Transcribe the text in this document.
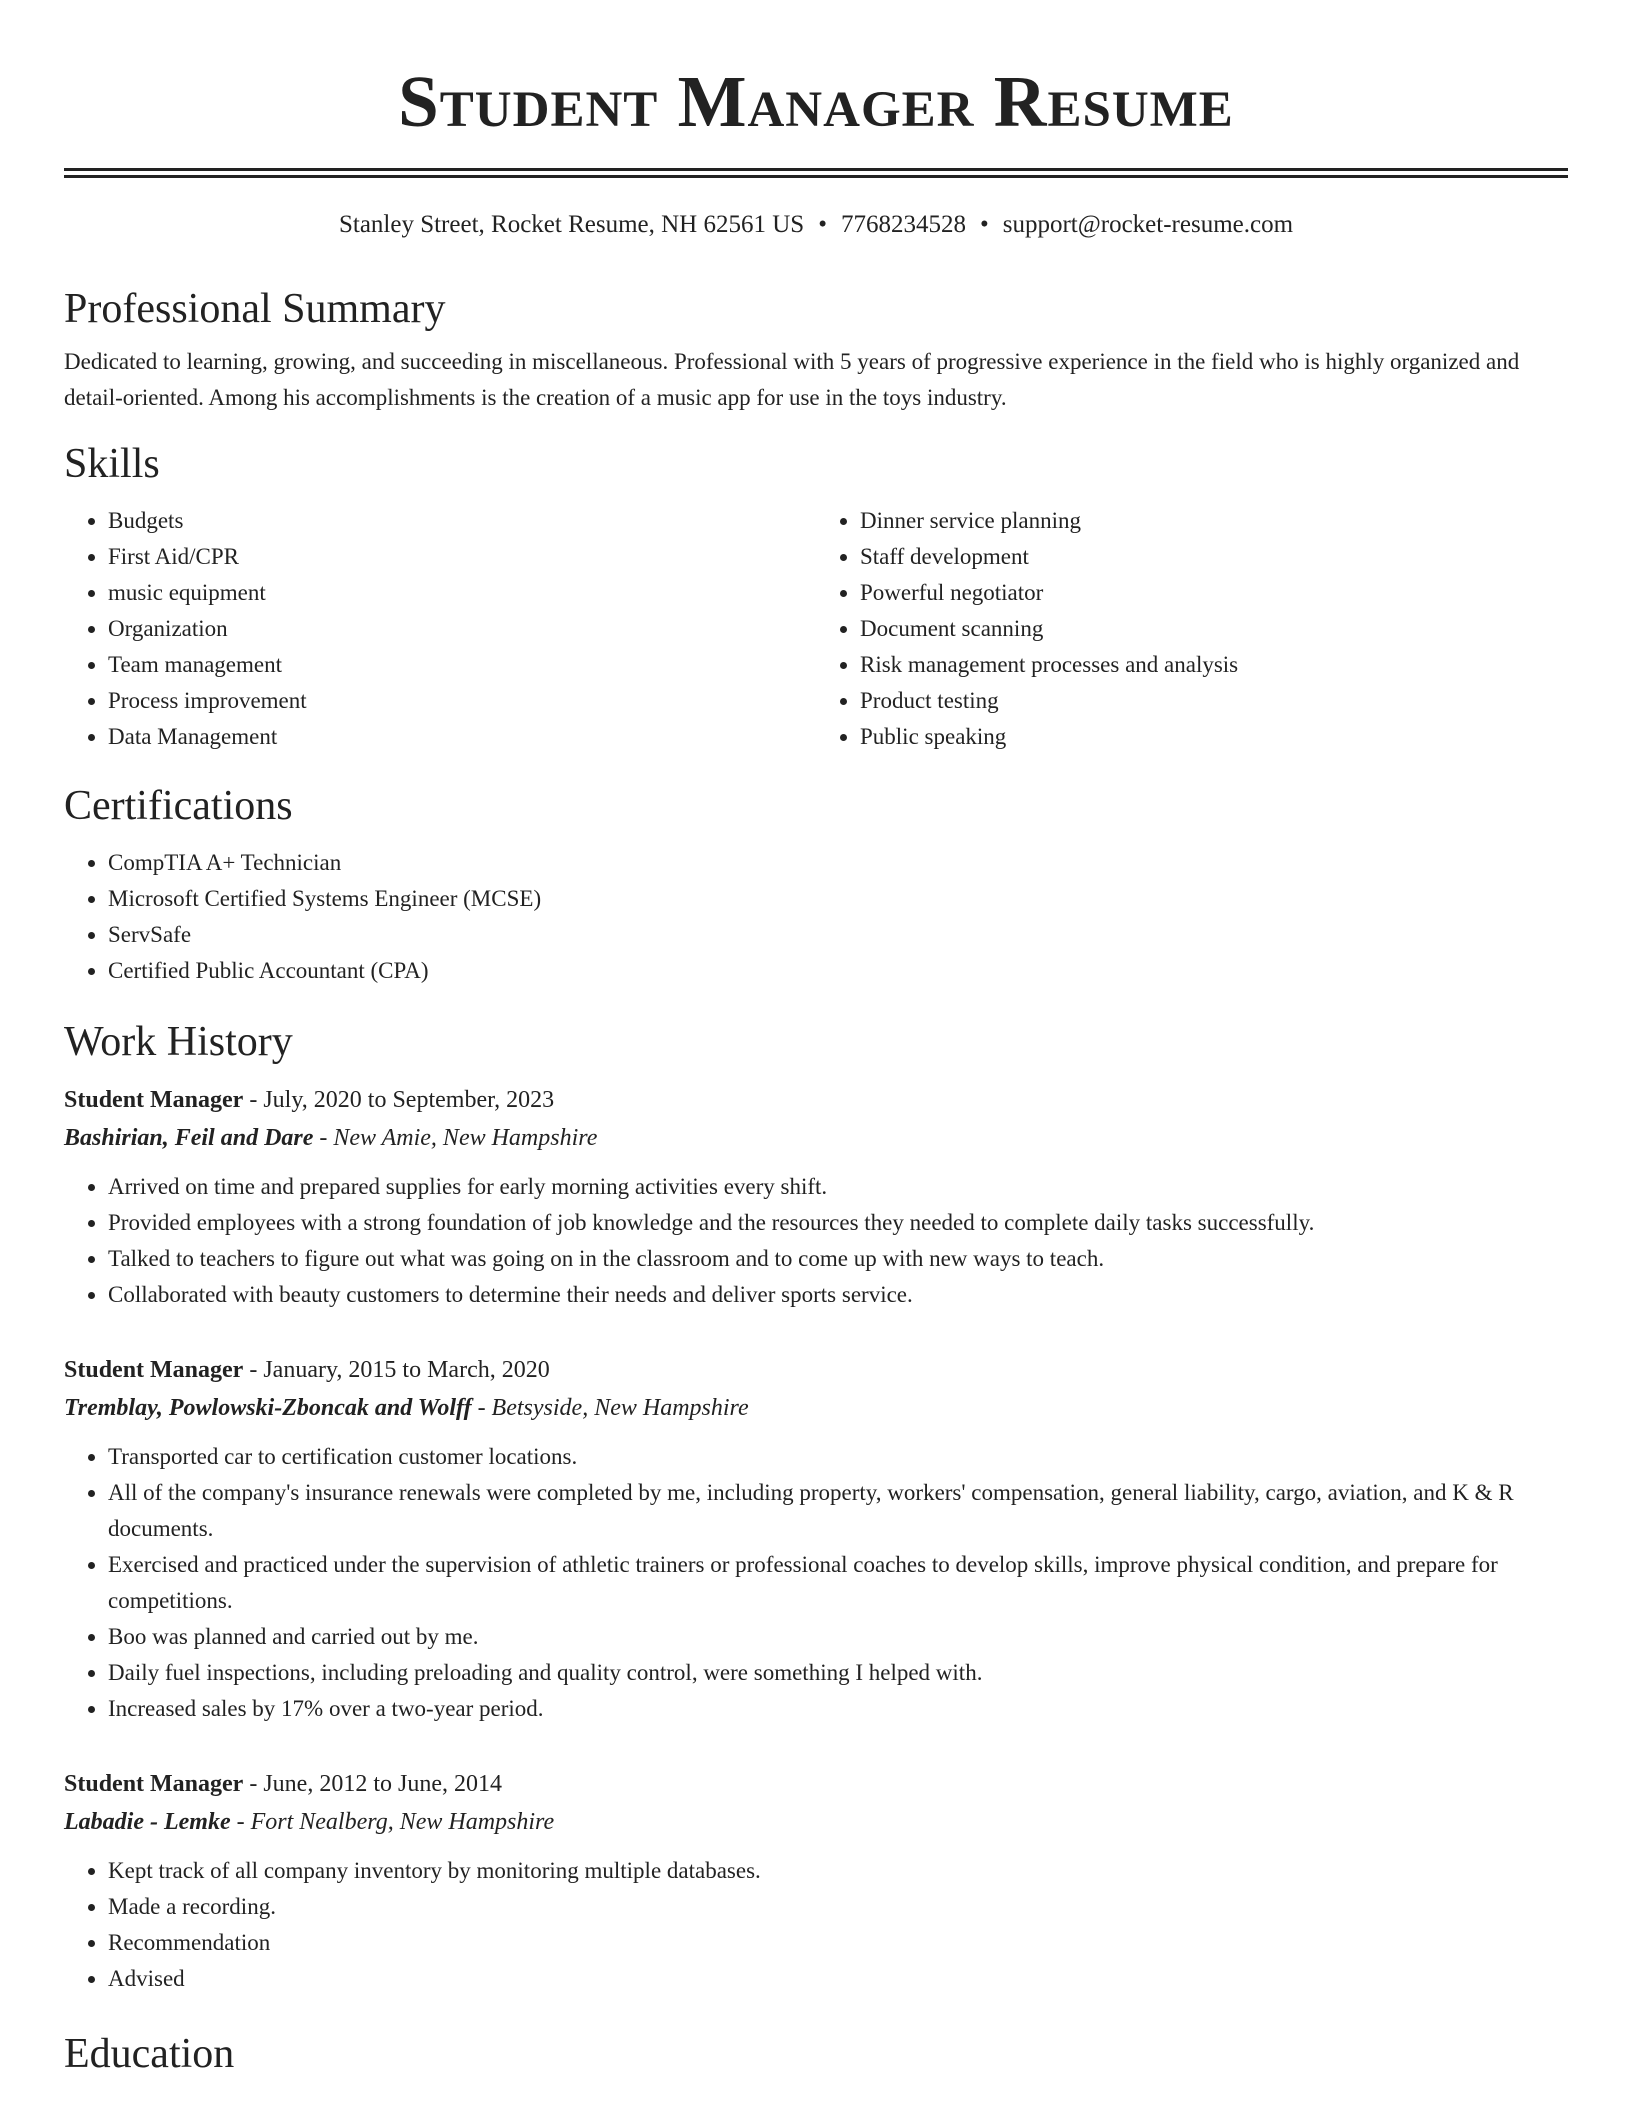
Student Manager Resume
Stanley Street, Rocket Resume, NH 62561 US • 7768234528 • support@rocket-resume.com
Professional Summary

Dedicated to learning, growing, and succeeding in miscellaneous. Professional with 5 years of progressive experience in the field who is highly organized and detail-oriented. Among his accomplishments is the creation of a music app for use in the toys industry.

Skills
• Budgets
• First Aid/CPR
• music equipment
• Organization
• Team management
• Process improvement
• Data Management
• Dinner service planning
• Staff development
• Powerful negotiator
• Document scanning
• Risk management processes and analysis
• Product testing
• Public speaking
Certifications
• CompTIA A+ Technician
• Microsoft Certified Systems Engineer (MCSE)
• ServSafe
• Certified Public Accountant (CPA)
Work History
Student Manager - July, 2020 to September, 2023
Bashirian, Feil and Dare - New Amie, New Hampshire
• Arrived on time and prepared supplies for early morning activities every shift.
• Provided employees with a strong foundation of job knowledge and the resources they needed to complete daily tasks successfully.
• Talked to teachers to figure out what was going on in the classroom and to come up with new ways to teach.
• Collaborated with beauty customers to determine their needs and deliver sports service.
Student Manager - January, 2015 to March, 2020
Tremblay, Powlowski-Zboncak and Wolff - Betsyside, New Hampshire
• Transported car to certification customer locations.
• All of the company's insurance renewals were completed by me, including property, workers' compensation, general liability, cargo, aviation, and K & R documents.
• Exercised and practiced under the supervision of athletic trainers or professional coaches to develop skills, improve physical condition, and prepare for competitions.
• Boo was planned and carried out by me.
• Daily fuel inspections, including preloading and quality control, were something I helped with.
• Increased sales by 17% over a two-year period.
Student Manager - June, 2012 to June, 2014
Labadie - Lemke - Fort Nealberg, New Hampshire
• Kept track of all company inventory by monitoring multiple databases.
• Made a recording.
• Recommendation
• Advised
Education
